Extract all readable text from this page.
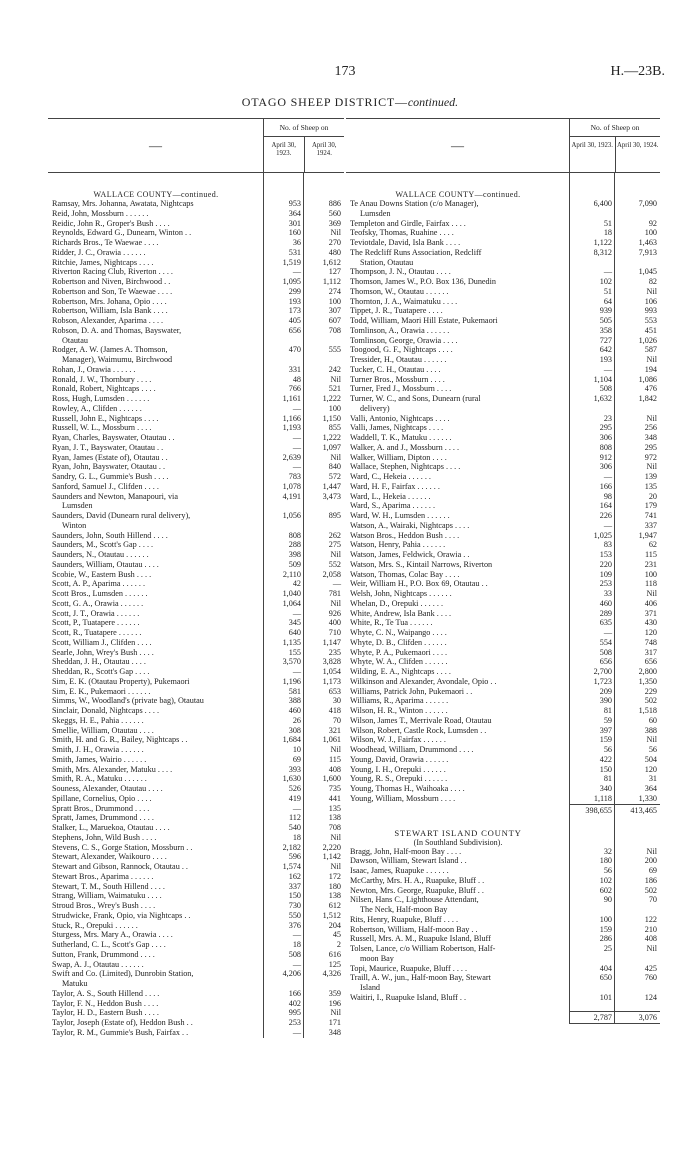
173	H.—23B.
OTAGO SHEEP DISTRICT—continued.
—
No. of Sheep on
April 30, 1923.
April 30, 1924.
WALLACE COUNTY—continued.
Ramsay, Mrs. Johanna, Awatata, Nightcaps	953	886
Reid, John, Mossburn . . . . . .	364	560
Reidic, John R., Groper's Bush . . . .	301	369
Reynolds, Edward G., Dunearn, Winton . .	160	Nil
Richards Bros., Te Waewae . . . .	36	270
Ridder, J. C., Orawia . . . . . .	531	480
Ritchie, James, Nightcaps . . . .	1,519	1,612
Riverton Racing Club, Riverton . . . .	—	127
Robertson and Niven, Birchwood . .	1,095	1,112
Robertson and Son, Te Waewae . . . .	299	274
Robertson, Mrs. Johana, Opio . . . .	193	100
Robertson, William, Isla Bank . . . .	173	307
Robson, Alexander, Aparima . . . .	405	607
Robson, D. A. and Thomas, Bayswater,	656	708
Otautau
Rodger, A. W. (James A. Thomson,	470	555
Manager), Waimumu, Birchwood
Rohan, J., Orawia . . . . . .	331	242
Ronald, J. W., Thornbury . . . .	48	Nil
Ronald, Robert, Nightcaps . . . .	766	521
Ross, Hugh, Lumsden . . . . . .	1,161	1,222
Rowley, A., Clifden . . . . . .	—	100
Russell, John E., Nightcaps . . . .	1,166	1,150
Russell, W. L., Mossburn . . . .	1,193	855
Ryan, Charles, Bayswater, Otautau . .	—	1,222
Ryan, J. T., Bayswater, Otautau . .	—	1,097
Ryan, James (Estate of), Otautau . .	2,639	Nil
Ryan, John, Bayswater, Otautau . .	—	840
Sandry, G. L., Gummie's Bush . . . .	783	572
Sanford, Samuel J., Clifden . . . .	1,078	1,447
Saunders and Newton, Manapouri, via	4,191	3,473
Lumsden
Saunders, David (Dunearn rural delivery),	1,056	895
Winton
Saunders, John, South Hillend . . . .	808	262
Saunders, M., Scott's Gap . . . .	288	275
Saunders, N., Otautau . . . . . .	398	Nil
Saunders, William, Otautau . . . .	509	552
Scobie, W., Eastern Bush . . . .	2,110	2,058
Scott, A. P., Aparima . . . . . .	42	—
Scott Bros., Lumsden . . . . . .	1,040	781
Scott, G. A., Orawia . . . . . .	1,064	Nil
Scott, J. T., Orawia . . . . . .	—	926
Scott, P., Tuatapere . . . . . .	345	400
Scott, R., Tuatapere . . . . . .	640	710
Scott, William J., Clifden . . . .	1,135	1,147
Searle, John, Wrey's Bush . . . .	155	235
Sheddan, J. H., Otautau . . . .	3,570	3,828
Sheddan, R., Scott's Gap . . . .	—	1,054
Sim, E. K. (Otautau Property), Pukemaori	1,196	1,173
Sim, E. K., Pukemaori . . . . . .	581	653
Simms, W., Woodland's (private bag), Otautau	388	30
Sinclair, Donald, Nightcaps . . . .	460	418
Skeggs, H. E., Pahia . . . . . .	26	70
Smellie, William, Otautau . . . .	308	321
Smith, H. and G. R., Bailey, Nightcaps . .	1,684	1,061
Smith, J. H., Orawia . . . . . .	10	Nil
Smith, James, Wairio . . . . . .	69	115
Smith, Mrs. Alexander, Matuku . . . .	393	408
Smith, R. A., Matuku . . . . . .	1,630	1,600
Souness, Alexander, Otautau . . . .	526	735
Spillane, Cornelius, Opio . . . .	419	441
Spratt Bros., Drummond . . . .	—	135
Spratt, James, Drummond . . . .	112	138
Stalker, L., Maruekoa, Otautau . . . .	540	708
Stephens, John, Wild Bush . . . .	18	Nil
Stevens, C. S., Gorge Station, Mossburn . .	2,182	2,220
Stewart, Alexander, Waikouro . . . .	596	1,142
Stewart and Gibson, Rannock, Otautau . .	1,574	Nil
Stewart Bros., Aparima . . . . . .	162	172
Stewart, T. M., South Hillend . . . .	337	180
Strang, William, Waimatuku . . . .	150	138
Stroud Bros., Wrey's Bush . . . .	730	612
Strudwicke, Frank, Opio, via Nightcaps . .	550	1,512
Stuck, R., Orepuki . . . . . .	376	204
Sturgess, Mrs. Mary A., Orawia . . . .	—	45
Sutherland, C. L., Scott's Gap . . . .	18	2
Sutton, Frank, Drummond . . . .	508	616
Swap, A. J., Otautau . . . . . .	—	125
Swift and Co. (Limited), Dunrobin Station,	4,206	4,326
Matuku
Taylor, A. S., South Hillend . . . .	166	359
Taylor, F. N., Heddon Bush . . . .	402	196
Taylor, H. D., Eastern Bush . . . .	995	Nil
Taylor, Joseph (Estate of), Heddon Bush . .	253	171
Taylor, R. M., Gummie's Bush, Fairfax . .	—	348
—
No. of Sheep on
April 30, 1923. April 30, 1924.
WALLACE COUNTY—continued.
Te Anau Downs Station (c/o Manager),	6,400	7,090
Lumsden
Templeton and Girdle, Fairfax . . . .	51	92
Teofsky, Thomas, Ruahine . . . .	18	100
Teviotdale, David, Isla Bank . . . .	1,122	1,463
The Redcliff Runs Association, Redcliff	8,312	7,913
Station, Otautau
Thompson, J. N., Otautau . . . .	—	1,045
Thomson, James W., P.O. Box 136, Dunedin	102	82
Thomson, W., Otautau . . . . . .	51	Nil
Thornton, J. A., Waimatuku . . . .	64	106
Tippet, J. R., Tuatapere . . . .	939	993
Todd, William, Maori Hill Estate, Pukemaori	505	553
Tomlinson, A., Orawia . . . . . .	358	451
Tomlinson, George, Orawia . . . .	727	1,026
Toogood, G. F., Nightcaps . . . .	642	587
Tressider, H., Otautau . . . . . .	193	Nil
Tucker, C. H., Otautau . . . .	—	194
Turner Bros., Mossburn . . . .	1,104	1,086
Turner, Fred J., Mossburn . . . .	508	476
Turner, W. C., and Sons, Dunearn (rural	1,632	1,842
delivery)
Valli, Antonio, Nightcaps . . . .	23	Nil
Valli, James, Nightcaps . . . .	295	256
Waddell, T. K., Matuku . . . . . .	306	348
Walker, A. and J., Mossburn . . . .	808	295
Walker, William, Dipton . . . .	912	972
Wallace, Stephen, Nightcaps . . . .	306	Nil
Ward, C., Hekeia . . . . . .	—	139
Ward, H. F., Fairfax . . . . . .	166	135
Ward, L., Hekeia . . . . . .	98	20
Ward, S., Aparima . . . . . .	164	179
Ward, W. H., Lumsden . . . . . .	226	741
Watson, A., Wairaki, Nightcaps . . . .	—	337
Watson Bros., Heddon Bush . . . .	1,025	1,947
Watson, Henry, Pahia . . . . . .	83	62
Watson, James, Feldwick, Orawia . .	153	115
Watson, Mrs. S., Kintail Narrows, Riverton	220	231
Watson, Thomas, Colac Bay . . . .	109	100
Weir, William H., P.O. Box 69, Otautau . .	253	118
Welsh, John, Nightcaps . . . . . .	33	Nil
Whelan, D., Orepuki . . . . . .	460	406
White, Andrew, Isla Bank . . . .	289	371
White, R., Te Tua . . . . . .	635	430
Whyte, C. N., Waipango . . . .	—	120
Whyte, D. B., Clifden . . . . . .	554	748
Whyte, P. A., Pukemaori . . . .	508	317
Whyte, W. A., Clifden . . . . . .	656	656
Wilding, E. A., Nightcaps . . . .	2,700	2,800
Wilkinson and Alexander, Avondale, Opio . .	1,723	1,350
Williams, Patrick John, Pukemaori . .	209	229
Williams, R., Aparima . . . . . .	390	502
Wilson, H. R., Winton . . . . . .	81	1,518
Wilson, James T., Merrivale Road, Otautau	59	60
Wilson, Robert, Castle Rock, Lumsden . .	397	388
Wilson, W. J., Fairfax . . . . . .	159	Nil
Woodhead, William, Drummond . . . .	56	56
Young, David, Orawia . . . . . .	422	504
Young, I. H., Orepuki . . . . . .	150	120
Young, R. S., Orepuki . . . . . .	81	31
Young, Thomas H., Waihoaka . . . .	340	364
Young, William, Mossburn . . . .	1,118	1,330
398,655	413,465
STEWART ISLAND COUNTY
(In Southland Subdivision).
Bragg, John, Half-moon Bay . . . .	32	Nil
Dawson, William, Stewart Island . .	180	200
Isaac, James, Ruapuke . . . . . .	56	69
McCarthy, Mrs. H. A., Ruapuke, Bluff . .	102	186
Newton, Mrs. George, Ruapuke, Bluff . .	602	502
Nilsen, Hans C., Lighthouse Attendant,	90	70
The Neck, Half-moon Bay
Rits, Henry, Ruapuke, Bluff . . . .	100	122
Robertson, William, Half-moon Bay . .	159	210
Russell, Mrs. A. M., Ruapuke Island, Bluff	286	408
Tolsen, Lance, c/o William Robertson, Half-	25	Nil
moon Bay
Topi, Maurice, Ruapuke, Bluff . . . .	404	425
Traill, A. W., jun., Half-moon Bay, Stewart	650	760
Island
Waitiri, I., Ruapuke Island, Bluff . .	101	124
2,787	3,076
